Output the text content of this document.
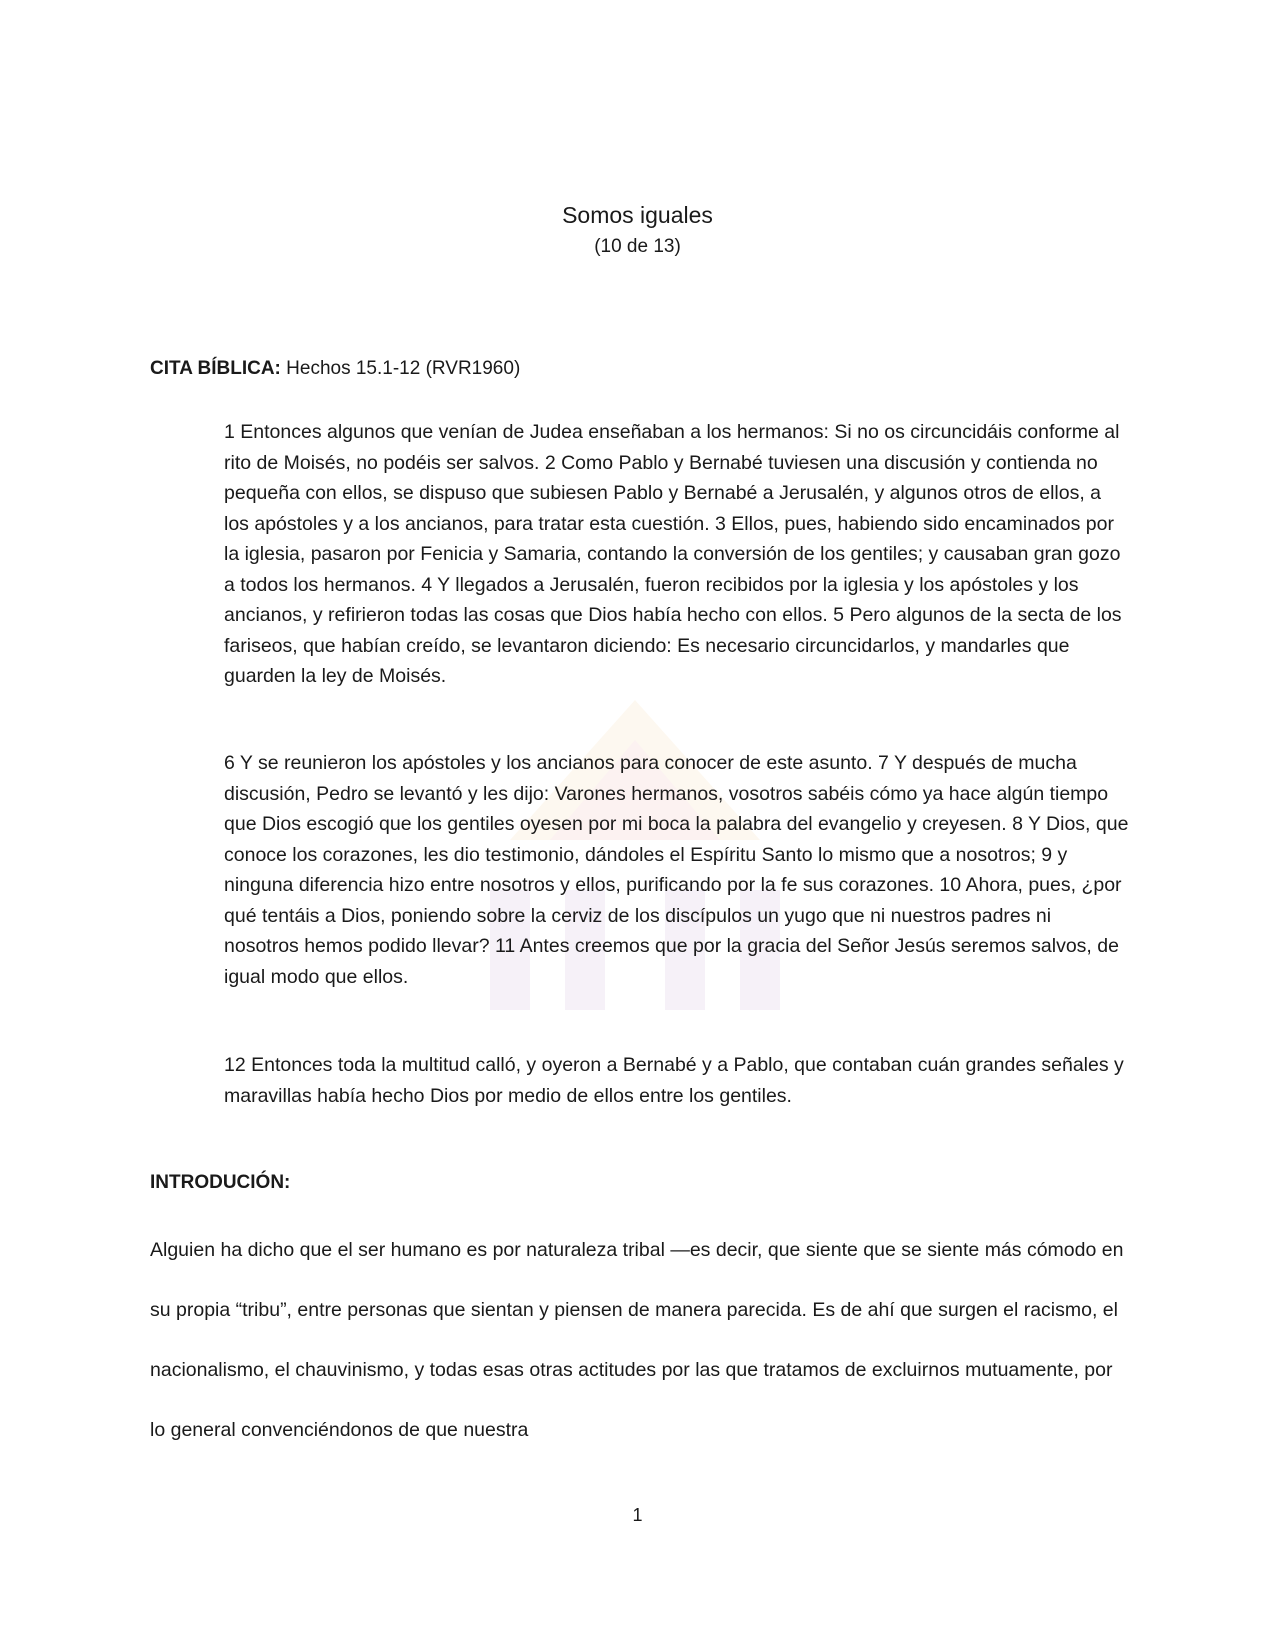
Somos iguales
(10 de 13)
CITA BÍBLICA: Hechos 15.1-12 (RVR1960)

1 Entonces algunos que venían de Judea enseñaban a los hermanos: Si no os circuncidáis conforme al rito de Moisés, no podéis ser salvos. 2 Como Pablo y Bernabé tuviesen una discusión y contienda no pequeña con ellos, se dispuso que subiesen Pablo y Bernabé a Jerusalén, y algunos otros de ellos, a los apóstoles y a los ancianos, para tratar esta cuestión. 3 Ellos, pues, habiendo sido encaminados por la iglesia, pasaron por Fenicia y Samaria, contando la conversión de los gentiles; y causaban gran gozo a todos los hermanos. 4 Y llegados a Jerusalén, fueron recibidos por la iglesia y los apóstoles y los ancianos, y refirieron todas las cosas que Dios había hecho con ellos. 5 Pero algunos de la secta de los fariseos, que habían creído, se levantaron diciendo: Es necesario circuncidarlos, y mandarles que guarden la ley de Moisés.

6 Y se reunieron los apóstoles y los ancianos para conocer de este asunto. 7 Y después de mucha discusión, Pedro se levantó y les dijo: Varones hermanos, vosotros sabéis cómo ya hace algún tiempo que Dios escogió que los gentiles oyesen por mi boca la palabra del evangelio y creyesen. 8 Y Dios, que conoce los corazones, les dio testimonio, dándoles el Espíritu Santo lo mismo que a nosotros; 9 y ninguna diferencia hizo entre nosotros y ellos, purificando por la fe sus corazones. 10 Ahora, pues, ¿por qué tentáis a Dios, poniendo sobre la cerviz de los discípulos un yugo que ni nuestros padres ni nosotros hemos podido llevar? 11 Antes creemos que por la gracia del Señor Jesús seremos salvos, de igual modo que ellos.

12 Entonces toda la multitud calló, y oyeron a Bernabé y a Pablo, que contaban cuán grandes señales y maravillas había hecho Dios por medio de ellos entre los gentiles.

INTRODUCIÓN:

Alguien ha dicho que el ser humano es por naturaleza tribal —es decir, que siente que se siente más cómodo en su propia “tribu”, entre personas que sientan y piensen de manera parecida. Es de ahí que surgen el racismo, el nacionalismo, el chauvinismo, y todas esas otras actitudes por las que tratamos de excluirnos mutuamente, por lo general convenciéndonos de que nuestra

1
